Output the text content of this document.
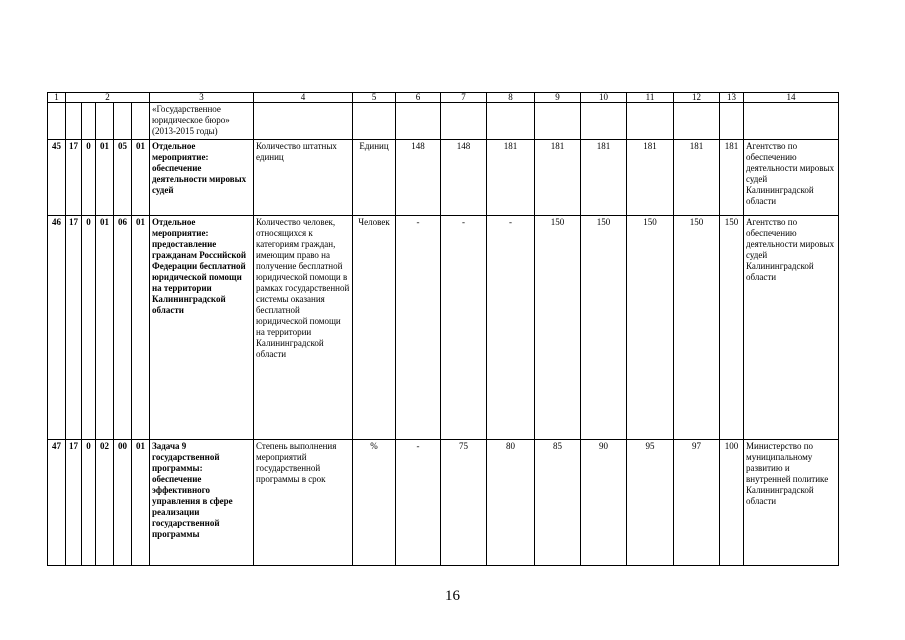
1	2					3	4	5	6	7	8	9	10	11	12	13	14
						«Государственное юридическое бюро» (2013-2015 годы)											
45	17	0	01	05	01	Отдельное мероприятие: обеспечение деятельности мировых судей	Количество штатных единиц	Единиц	148	148	181	181	181	181	181	181	Агентство по обеспечению деятельности мировых судей Калининградской области
46	17	0	01	06	01	Отдельное мероприятие: предоставление гражданам Российской Федерации бесплатной юридической помощи на территории Калининградской области	Количество человек, относящихся к категориям граждан, имеющим право на получение бесплатной юридической помощи в рамках государственной системы оказания бесплатной юридической помощи на территории Калининградской области	Человек	-	-	-	150	150	150	150	150	Агентство по обеспечению деятельности мировых судей Калининградской области
47	17	0	02	00	01	Задача 9 государственной программы: обеспечение эффективного управления в сфере реализации государственной программы	Степень выполнения мероприятий государственной программы в срок	%	-	75	80	85	90	95	97	100	Министерство по муниципальному развитию и внутренней политике Калининградской области
16
